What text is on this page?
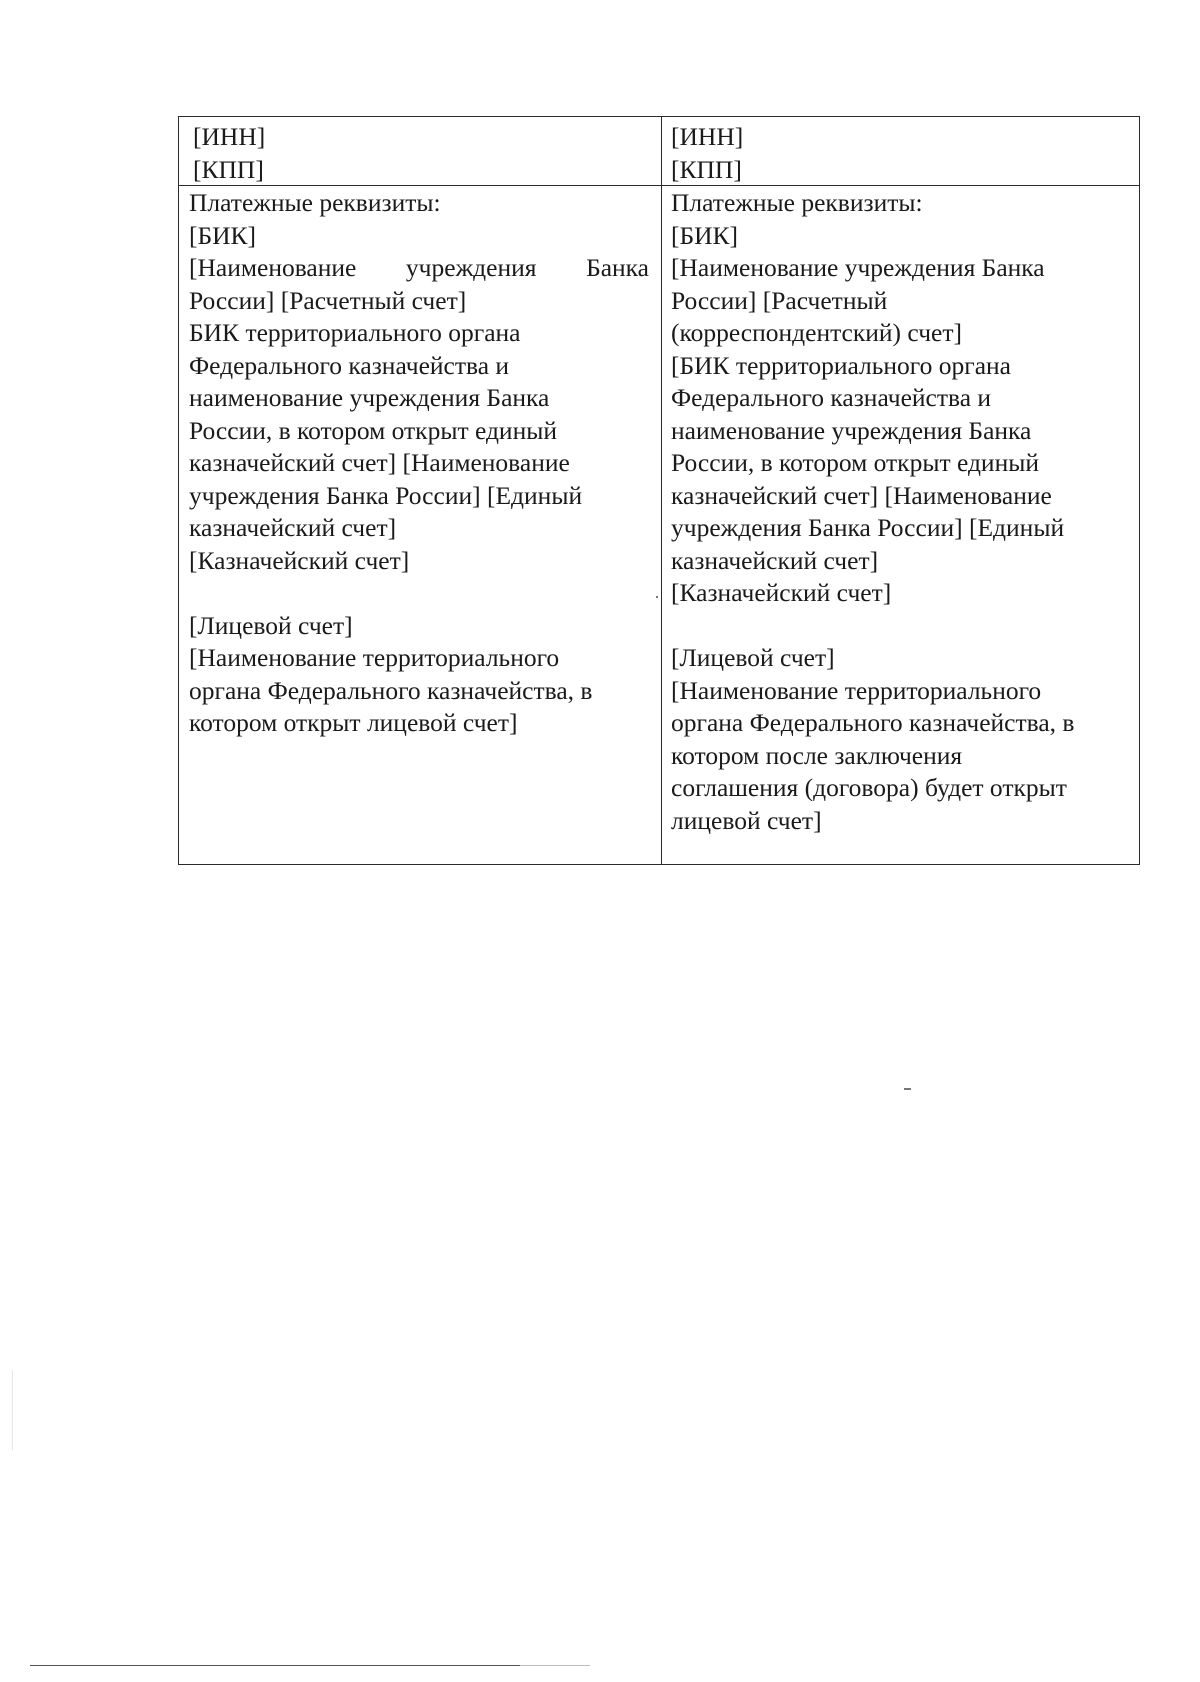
[ИНН]
[КПП]
[ИНН]
[КПП]
Платежные реквизиты:
[БИК]
[Наименование учреждения Банка
России] [Расчетный счет]
БИК территориального органа
Федерального казначейства и
наименование учреждения Банка
России, в котором открыт единый
казначейский счет] [Наименование
учреждения Банка России] [Единый
казначейский счет]
[Казначейский счет]
[Лицевой счет]
[Наименование территориального
органа Федерального казначейства, в
котором открыт лицевой счет]
Платежные реквизиты:
[БИК]
[Наименование учреждения Банка
России] [Расчетный
(корреспондентский) счет]
[БИК территориального органа
Федерального казначейства и
наименование учреждения Банка
России, в котором открыт единый
казначейский счет] [Наименование
учреждения Банка России] [Единый
казначейский счет]
[Казначейский счет]
[Лицевой счет]
[Наименование территориального
органа Федерального казначейства, в
котором после заключения
соглашения (договора) будет открыт
лицевой счет]
